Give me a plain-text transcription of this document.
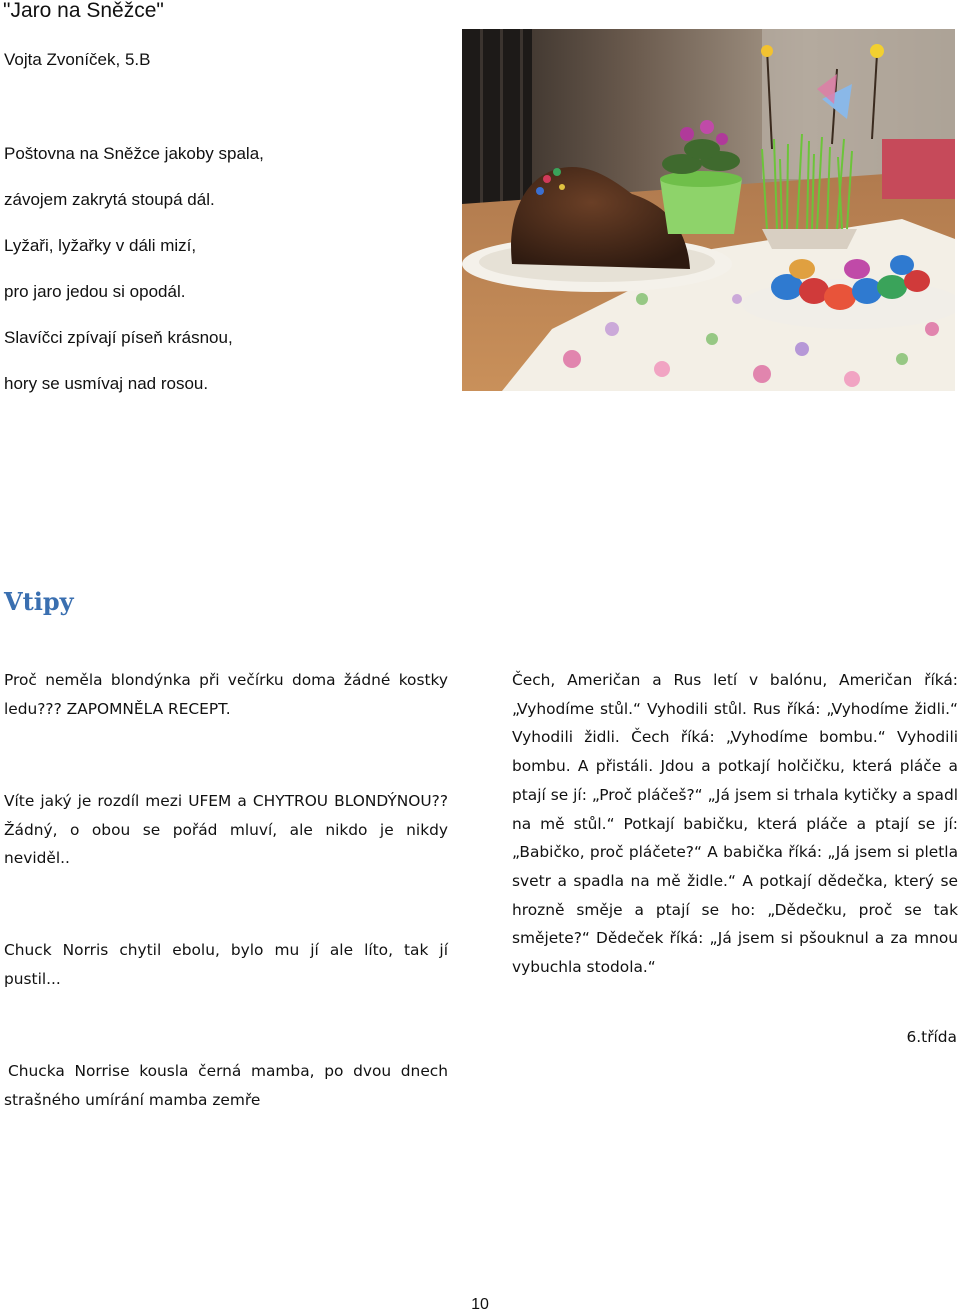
"Jaro na Sněžce"
Vojta Zvoníček, 5.B
Poštovna na Sněžce jakoby spala,
závojem zakrytá stoupá dál.
Lyžaři, lyžařky v dáli mizí,
pro jaro jedou si opodál.
Slavíčci zpívají píseň krásnou,
hory se usmívaj nad rosou.
Vtipy

Proč neměla blondýnka při večírku doma žádné kostky ledu??? ZAPOMNĚLA RECEPT.

Víte jaký je rozdíl mezi UFEM a CHYTROU BLONDÝNOU?? Žádný, o obou se pořád mluví, ale nikdo je nikdy neviděl..

Chuck Norris chytil ebolu, bylo mu jí ale líto, tak jí pustil...

Chucka Norrise kousla černá mamba, po dvou dnech strašného umírání mamba zemře

Čech, Američan a Rus letí v balónu, Američan říká: „Vyhodíme stůl.“ Vyhodili stůl. Rus říká: „Vyhodíme židli.“ Vyhodili židli. Čech říká: „Vyhodíme bombu.“ Vyhodili bombu. A přistáli. Jdou a potkají holčičku, která pláče a ptají se jí: „Proč pláčeš?“ „Já jsem si trhala kytičky a spadl na mě stůl.“ Potkají babičku, která pláče a ptají se jí: „Babičko, proč pláčete?“ A babička říká: „Já jsem si pletla svetr a spadla na mě židle.“ A potkají dědečka, který se hrozně směje a ptají se ho: „Dědečku, proč se tak smějete?“ Dědeček říká: „Já jsem si pšouknul a za mnou vybuchla stodola.“

6.třída
10
